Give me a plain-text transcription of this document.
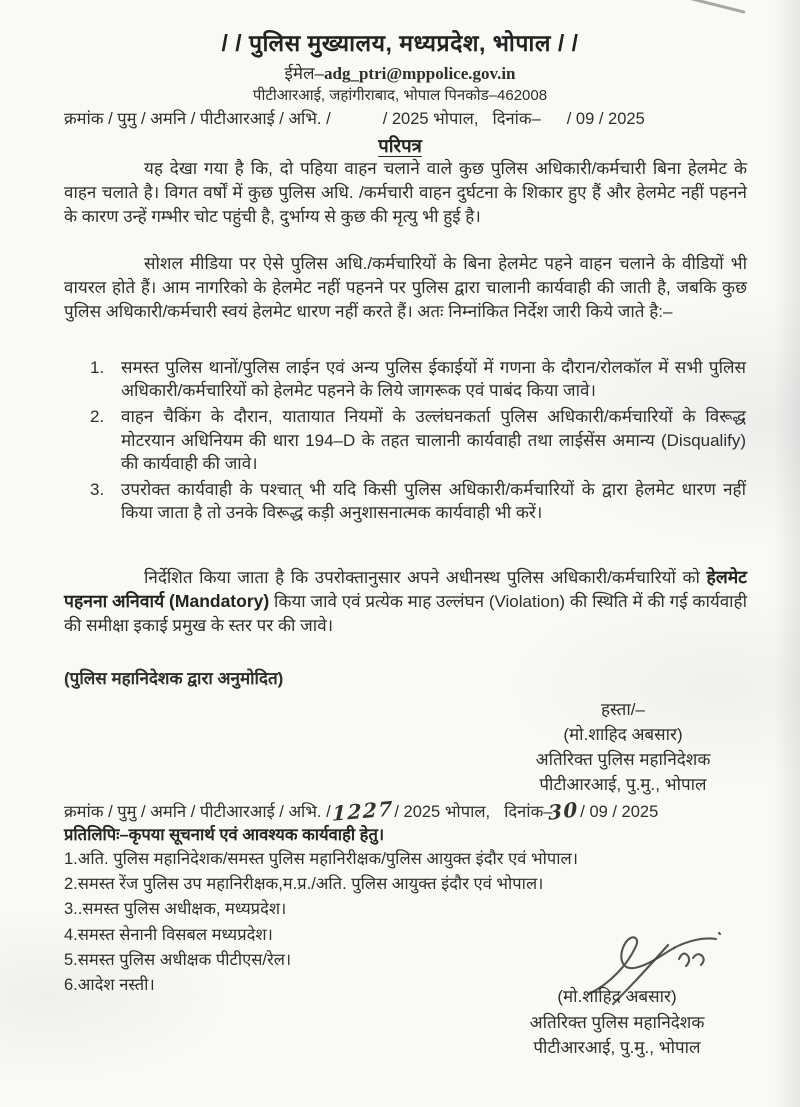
/ / पुलिस मुख्यालय, मध्यप्रदेश, भोपाल / /
ईमेल–adg_ptri@mppolice.gov.in
पीटीआरआई, जहांगीराबाद, भोपाल पिनकोड–462008
क्रमांक / पुमु / अमनि / पीटीआरआई / अभि. /	/ 2025 भोपाल, दिनांक– / 09 / 2025
परिपत्र

यह देखा गया है कि, दो पहिया वाहन चलाने वाले कुछ पुलिस अधिकारी/कर्मचारी बिना हेलमेट के वाहन चलाते है। विगत वर्षों में कुछ पुलिस अधि. /कर्मचारी वाहन दुर्घटना के शिकार हुए हैं और हेलमेट नहीं पहनने के कारण उन्हें गम्भीर चोट पहुंची है, दुर्भाग्य से कुछ की मृत्यु भी हुई है।

सोशल मीडिया पर ऐसे पुलिस अधि./कर्मचारियों के बिना हेलमेट पहने वाहन चलाने के वीडियों भी वायरल होते हैं। आम नागरिको के हेलमेट नहीं पहनने पर पुलिस द्वारा चालानी कार्यवाही की जाती है, जबकि कुछ पुलिस अधिकारी/कर्मचारी स्वयं हेलमेट धारण नहीं करते हैं। अतः निम्नांकित निर्देश जारी किये जाते है:–

1. समस्त पुलिस थानों/पुलिस लाईन एवं अन्य पुलिस ईकाईयों में गणना के दौरान/रोलकॉल में सभी पुलिस अधिकारी/कर्मचारियों को हेलमेट पहनने के लिये जागरूक एवं पाबंद किया जावे।
2. वाहन चैकिंग के दौरान, यातायात नियमों के उल्लंघनकर्ता पुलिस अधिकारी/कर्मचारियों के विरूद्ध मोटरयान अधिनियम की धारा 194–D के तहत चालानी कार्यवाही तथा लाईसेंस अमान्य (Disqualify) की कार्यवाही की जावे।
3. उपरोक्त कार्यवाही के पश्चात् भी यदि किसी पुलिस अधिकारी/कर्मचारियों के द्वारा हेलमेट धारण नहीं किया जाता है तो उनके विरूद्ध कड़ी अनुशासनात्मक कार्यवाही भी करें।

निर्देशित किया जाता है कि उपरोक्तानुसार अपने अधीनस्थ पुलिस अधिकारी/कर्मचारियों को हेलमेट पहनना अनिवार्य (Mandatory) किया जावे एवं प्रत्येक माह उल्लंघन (Violation) की स्थिति में की गई कार्यवाही की समीक्षा इकाई प्रमुख के स्तर पर की जावे।

(पुलिस महानिदेशक द्वारा अनुमोदित)
हस्ता/–
(मो.शाहिद अबसार)
अतिरिक्त पुलिस महानिदेशक
पीटीआरआई, पु.मु., भोपाल
क्रमांक / पुमु / अमनि / पीटीआरआई / अभि. /1227/ 2025 भोपाल, दिनांक–30/ 09 / 2025
प्रतिलिपिः–कृपया सूचनार्थ एवं आवश्यक कार्यवाही हेतु।
1.अति. पुलिस महानिदेशक/समस्त पुलिस महानिरीक्षक/पुलिस आयुक्त इंदौर एवं भोपाल।
2.समस्त रेंज पुलिस उप महानिरीक्षक,म.प्र./अति. पुलिस आयुक्त इंदौर एवं भोपाल।
3..समस्त पुलिस अधीक्षक, मध्यप्रदेश।
4.समस्त सेनानी विसबल मध्यप्रदेश।
5.समस्त पुलिस अधीक्षक पीटीएस/रेल।
6.आदेश नस्ती।
(मो.शाहिद अबसार)
अतिरिक्त पुलिस महानिदेशक
पीटीआरआई, पु.मु., भोपाल
